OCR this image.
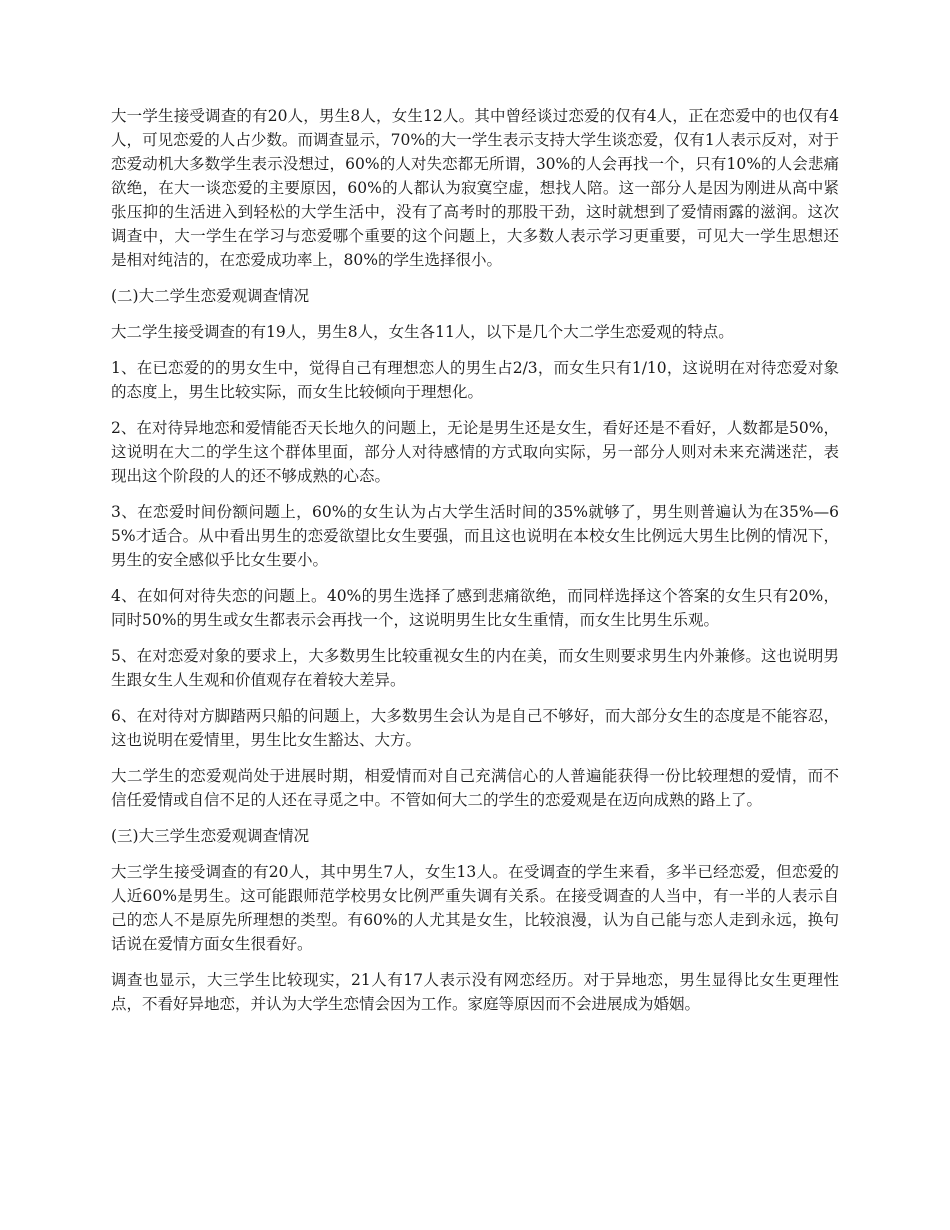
大一学生接受调查的有20人，男生8人，女生12人。其中曾经谈过恋爱的仅有4人，正在恋爱中的也仅有4人，可见恋爱的人占少数。而调查显示，70%的大一学生表示支持大学生谈恋爱，仅有1人表示反对，对于恋爱动机大多数学生表示没想过，60%的人对失恋都无所谓，30%的人会再找一个，只有10%的人会悲痛欲绝，在大一谈恋爱的主要原因，60%的人都认为寂寞空虚，想找人陪。这一部分人是因为刚进从高中紧张压抑的生活进入到轻松的大学生活中，没有了高考时的那股干劲，这时就想到了爱情雨露的滋润。这次调查中，大一学生在学习与恋爱哪个重要的这个问题上，大多数人表示学习更重要，可见大一学生思想还是相对纯洁的，在恋爱成功率上，80%的学生选择很小。

(二)大二学生恋爱观调查情况

大二学生接受调查的有19人，男生8人，女生各11人，以下是几个大二学生恋爱观的特点。

1、在已恋爱的的男女生中，觉得自己有理想恋人的男生占2/3，而女生只有1/10，这说明在对待恋爱对象的态度上，男生比较实际，而女生比较倾向于理想化。

2、在对待异地恋和爱情能否天长地久的问题上，无论是男生还是女生，看好还是不看好，人数都是50%，这说明在大二的学生这个群体里面，部分人对待感情的方式取向实际，另一部分人则对未来充满迷茫，表现出这个阶段的人的还不够成熟的心态。

3、在恋爱时间份额问题上，60%的女生认为占大学生活时间的35%就够了，男生则普遍认为在35%—65%才适合。从中看出男生的恋爱欲望比女生要强，而且这也说明在本校女生比例远大男生比例的情况下，男生的安全感似乎比女生要小。

4、在如何对待失恋的问题上。40%的男生选择了感到悲痛欲绝，而同样选择这个答案的女生只有20%，同时50%的男生或女生都表示会再找一个，这说明男生比女生重情，而女生比男生乐观。

5、在对恋爱对象的要求上，大多数男生比较重视女生的内在美，而女生则要求男生内外兼修。这也说明男生跟女生人生观和价值观存在着较大差异。

6、在对待对方脚踏两只船的问题上，大多数男生会认为是自己不够好，而大部分女生的态度是不能容忍，这也说明在爱情里，男生比女生豁达、大方。

大二学生的恋爱观尚处于进展时期，相爱情而对自己充满信心的人普遍能获得一份比较理想的爱情，而不信任爱情或自信不足的人还在寻觅之中。不管如何大二的学生的恋爱观是在迈向成熟的路上了。

(三)大三学生恋爱观调查情况

大三学生接受调查的有20人，其中男生7人，女生13人。在受调查的学生来看，多半已经恋爱，但恋爱的人近60%是男生。这可能跟师范学校男女比例严重失调有关系。在接受调查的人当中，有一半的人表示自己的恋人不是原先所理想的类型。有60%的人尤其是女生，比较浪漫，认为自己能与恋人走到永远，换句话说在爱情方面女生很看好。

调查也显示，大三学生比较现实，21人有17人表示没有网恋经历。对于异地恋，男生显得比女生更理性点，不看好异地恋，并认为大学生恋情会因为工作。家庭等原因而不会进展成为婚姻。
